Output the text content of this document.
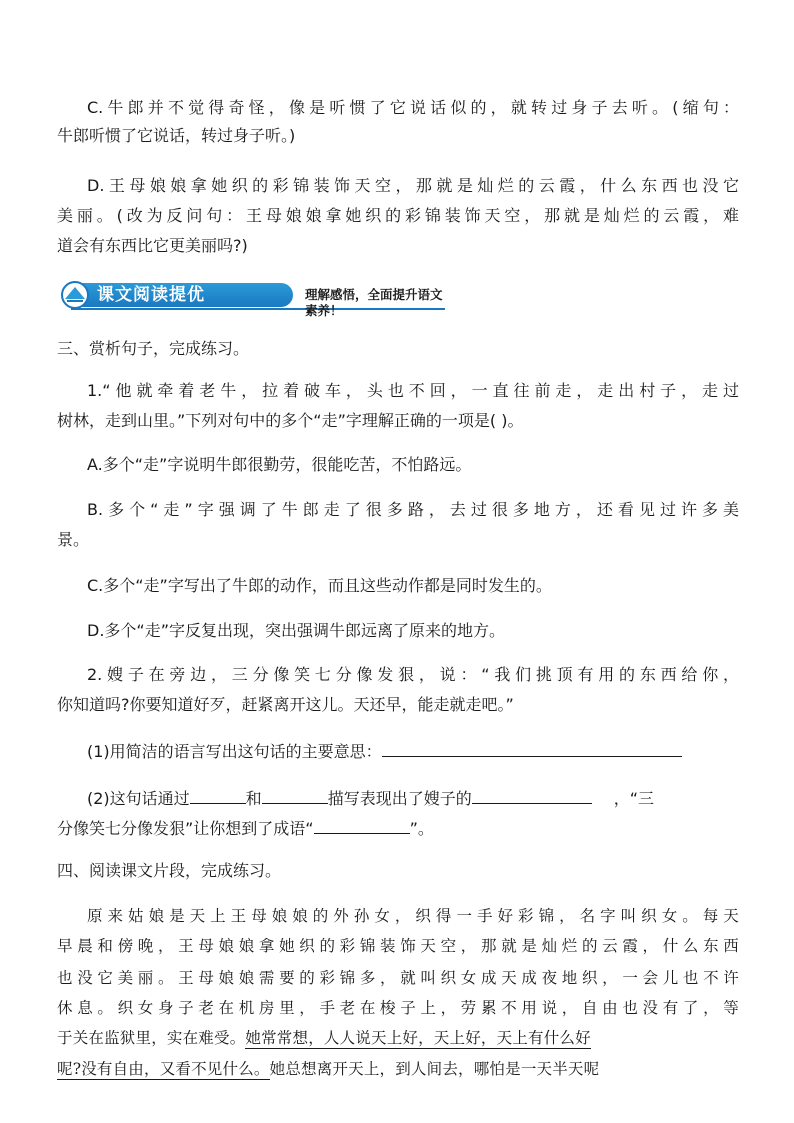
C.牛郎并不觉得奇怪，像是听惯了它说话似的，就转过身子去听。(缩句：
牛郎听惯了它说话，转过身子听。)
D.王母娘娘拿她织的彩锦装饰天空，那就是灿烂的云霞，什么东西也没它
美丽。(改为反问句：王母娘娘拿她织的彩锦装饰天空，那就是灿烂的云霞，难
道会有东西比它更美丽吗?)
课文阅读提优	理解感悟，全面提升语文素养！
三、赏析句子，完成练习。
1.“他就牵着老牛，拉着破车，头也不回，一直往前走，走出村子，走过
树林，走到山里。”下列对句中的多个“走”字理解正确的一项是( )。
A.多个“走”字说明牛郎很勤劳，很能吃苦，不怕路远。
B.多个“走”字强调了牛郎走了很多路，去过很多地方，还看见过许多美
景。
C.多个“走”字写出了牛郎的动作，而且这些动作都是同时发生的。
D.多个“走”字反复出现，突出强调牛郎远离了原来的地方。
2.嫂子在旁边，三分像笑七分像发狠，说：“我们挑顶有用的东西给你，
你知道吗?你要知道好歹，赶紧离开这儿。天还早，能走就走吧。”
(1)用简洁的语言写出这句话的主要意思：
(2)这句话通过	和	描写表现出了嫂子的	，“三
分像笑七分像发狠”让你想到了成语“	”。
四、阅读课文片段，完成练习。
原来姑娘是天上王母娘娘的外孙女，织得一手好彩锦，名字叫织女。每天
早晨和傍晚，王母娘娘拿她织的彩锦装饰天空，那就是灿烂的云霞，什么东西
也没它美丽。王母娘娘需要的彩锦多，就叫织女成天成夜地织，一会儿也不许
休息。织女身子老在机房里，手老在梭子上，劳累不用说，自由也没有了，等
于关在监狱里，实在难受。她常常想，人人说天上好，天上好，天上有什么好
呢?没有自由，又看不见什么。她总想离开天上，到人间去，哪怕是一天半天呢
